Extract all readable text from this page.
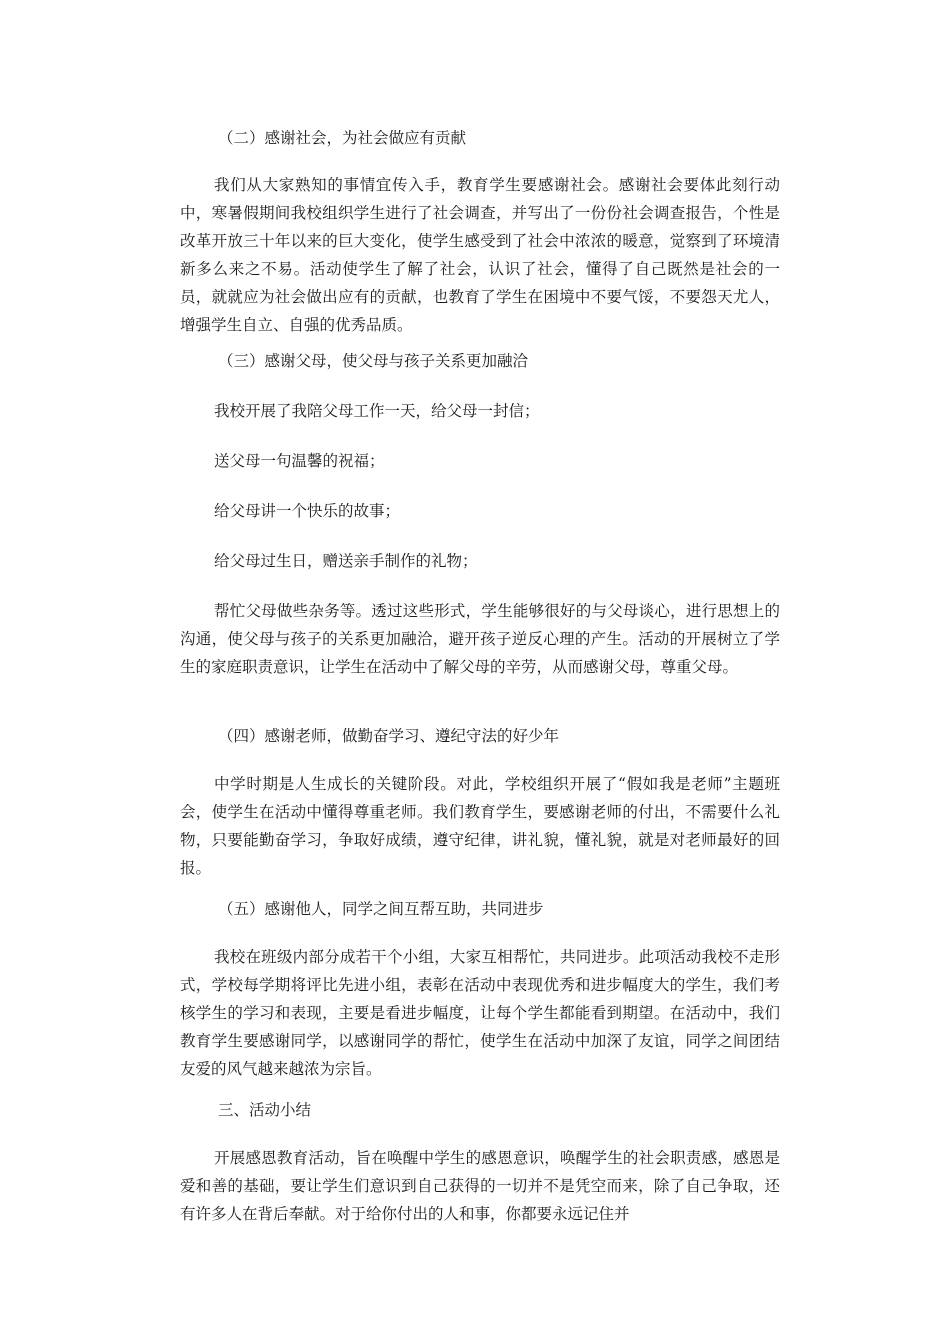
（二）感谢社会，为社会做应有贡献

我们从大家熟知的事情宜传入手，教育学生要感谢社会。感谢社会要体此刻行动中，寒暑假期间我校组织学生进行了社会调查，并写出了一份份社会调查报告，个性是改革开放三十年以来的巨大变化，使学生感受到了社会中浓浓的暖意，觉察到了环境清新多么来之不易。活动使学生了解了社会，认识了社会，懂得了自己既然是社会的一员，就就应为社会做出应有的贡献，也教育了学生在困境中不要气馁，不要怨天尤人，增强学生自立、自强的优秀品质。

（三）感谢父母，使父母与孩子关系更加融洽

我校开展了我陪父母工作一天，给父母一封信；

送父母一句温馨的祝福；

给父母讲一个快乐的故事；

给父母过生日，赠送亲手制作的礼物；

帮忙父母做些杂务等。透过这些形式，学生能够很好的与父母谈心，进行思想上的沟通，使父母与孩子的关系更加融洽，避开孩子逆反心理的产生。活动的开展树立了学生的家庭职责意识，让学生在活动中了解父母的辛劳，从而感谢父母，尊重父母。

（四）感谢老师，做勤奋学习、遵纪守法的好少年

中学时期是人生成长的关键阶段。对此，学校组织开展了“假如我是老师”主题班会，使学生在活动中懂得尊重老师。我们教育学生，要感谢老师的付出，不需要什么礼物，只要能勤奋学习，争取好成绩，遵守纪律，讲礼貌，懂礼貌，就是对老师最好的回报。

（五）感谢他人，同学之间互帮互助，共同进步

我校在班级内部分成若干个小组，大家互相帮忙，共同进步。此项活动我校不走形式，学校每学期将评比先进小组，表彰在活动中表现优秀和进步幅度大的学生，我们考核学生的学习和表现，主要是看进步幅度，让每个学生都能看到期望。在活动中，我们教育学生要感谢同学，以感谢同学的帮忙，使学生在活动中加深了友谊，同学之间团结友爱的风气越来越浓为宗旨。

三、活动小结

开展感恩教育活动，旨在唤醒中学生的感恩意识，唤醒学生的社会职责感，感恩是爱和善的基础，要让学生们意识到自己获得的一切并不是凭空而来，除了自己争取，还有许多人在背后奉献。对于给你付出的人和事，你都要永远记住并
